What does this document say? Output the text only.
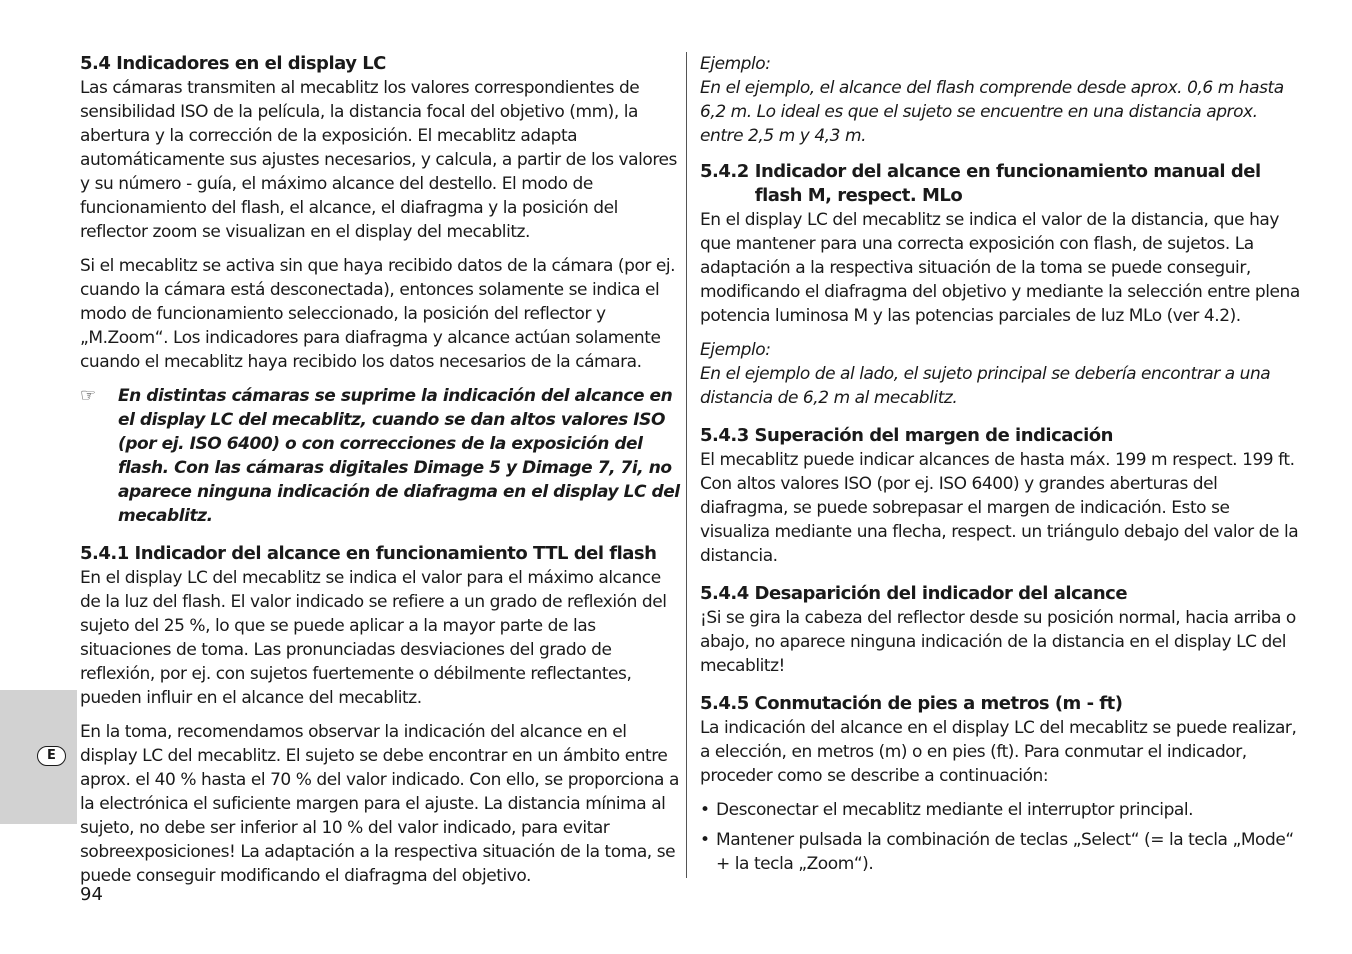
E
5.4 Indicadores en el display LC

Las cámaras transmiten al mecablitz los valores correspondientes de sensibilidad ISO de la película, la distancia focal del objetivo (mm), la abertura y la corrección de la exposición. El mecablitz adapta automáticamente sus ajustes necesarios, y calcula, a partir de los valores y su número - guía, el máximo alcance del destello. El modo de funcionamiento del flash, el alcance, el diafragma y la posición del reflector zoom se visualizan en el display del mecablitz.

Si el mecablitz se activa sin que haya recibido datos de la cámara (por ej. cuando la cámara está desconectada), entonces solamente se indica el modo de funcionamiento seleccionado, la posición del reflector y „M.Zoom“. Los indicadores para diafragma y alcance actúan solamente cuando el mecablitz haya recibido los datos necesarios de la cámara.

☞	En distintas cámaras se suprime la indicación del alcance en el display LC del mecablitz, cuando se dan altos valores ISO (por ej. ISO 6400) o con correcciones de la exposición del flash. Con las cámaras digitales Dimage 5 y Dimage 7, 7i, no aparece ninguna indicación de diafragma en el display LC del mecablitz.
5.4.1 Indicador del alcance en funcionamiento TTL del flash

En el display LC del mecablitz se indica el valor para el máximo alcance de la luz del flash. El valor indicado se refiere a un grado de reflexión del sujeto del 25 %, lo que se puede aplicar a la mayor parte de las situaciones de toma. Las pronunciadas desviaciones del grado de reflexión, por ej. con sujetos fuertemente o débilmente reflectantes, pueden influir en el alcance del mecablitz.

En la toma, recomendamos observar la indicación del alcance en el display LC del mecablitz. El sujeto se debe encontrar en un ámbito entre aprox. el 40 % hasta el 70 % del valor indicado. Con ello, se proporciona a la electrónica el suficiente margen para el ajuste. La distancia mínima al sujeto, no debe ser inferior al 10 % del valor indicado, para evitar sobreexposiciones! La adaptación a la respectiva situación de la toma, se puede conseguir modificando el diafragma del objetivo.

Ejemplo:

En el ejemplo, el alcance del flash comprende desde aprox. 0,6 m hasta 6,2 m. Lo ideal es que el sujeto se encuentre en una distancia aprox. entre 2,5 m y 4,3 m.

5.4.2 Indicador del alcance en funcionamiento manual del flash M, respect. MLo

En el display LC del mecablitz se indica el valor de la distancia, que hay que mantener para una correcta exposición con flash, de sujetos. La adaptación a la respectiva situación de la toma se puede conseguir, modificando el diafragma del objetivo y mediante la selección entre plena potencia luminosa M y las potencias parciales de luz MLo (ver 4.2).

Ejemplo:

En el ejemplo de al lado, el sujeto principal se debería encontrar a una distancia de 6,2 m al mecablitz.

5.4.3 Superación del margen de indicación

El mecablitz puede indicar alcances de hasta máx. 199 m respect. 199 ft. Con altos valores ISO (por ej. ISO 6400) y grandes aberturas del diafragma, se puede sobrepasar el margen de indicación. Esto se visualiza mediante una flecha, respect. un triángulo debajo del valor de la distancia.

5.4.4 Desaparición del indicador del alcance

¡Si se gira la cabeza del reflector desde su posición normal, hacia arriba o abajo, no aparece ninguna indicación de la distancia en el display LC del mecablitz!

5.4.5 Conmutación de pies a metros (m - ft)

La indicación del alcance en el display LC del mecablitz se puede realizar, a elección, en metros (m) o en pies (ft). Para conmutar el indicador, proceder como se describe a continuación:

• Desconectar el mecablitz mediante el interruptor principal.
• Mantener pulsada la combinación de teclas „Select“ (= la tecla „Mode“ + la tecla „Zoom“).
94
